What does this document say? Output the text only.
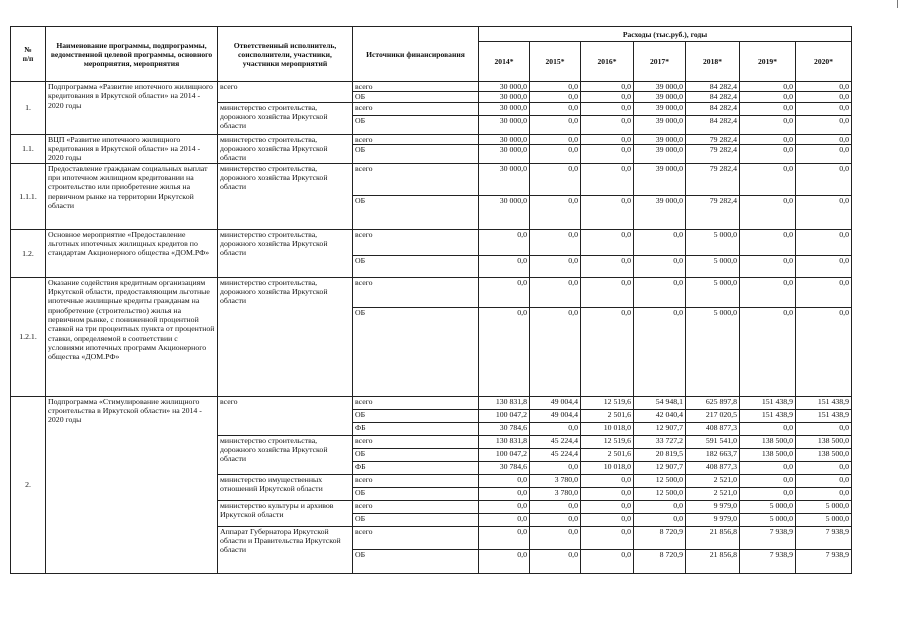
№
п/п	Наименование программы, подпрограммы, ведомственной целевой программы, основного мероприятия, мероприятия	Ответственный исполнитель, соисполнители, участники, участники мероприятий	Источники финансирования	Расходы (тыс.руб.), годы						
				2014*	2015*	2016*	2017*	2018*	2019*	2020*
1.	Подпрограмма «Развитие ипотечного жилищного кредитования в Иркутской области» на 2014 - 2020 годы	всего	всего	30 000,0	0,0	0,0	39 000,0	84 282,4	0,0	0,0
			ОБ	30 000,0	0,0	0,0	39 000,0	84 282,4	0,0	0,0
		министерство строительства, дорожного хозяйства Иркутской области	всего	30 000,0	0,0	0,0	39 000,0	84 282,4	0,0	0,0
			ОБ	30 000,0	0,0	0,0	39 000,0	84 282,4	0,0	0,0
1.1.	ВЦП «Развитие ипотечного жилищного кредитования в Иркутской области» на 2014 - 2020 годы	министерство строительства, дорожного хозяйства Иркутской области	всего	30 000,0	0,0	0,0	39 000,0	79 282,4	0,0	0,0
			ОБ	30 000,0	0,0	0,0	39 000,0	79 282,4	0,0	0,0
1.1.1.	Предоставление гражданам социальных выплат при ипотечном жилищном кредитовании на строительство или приобретение жилья на первичном рынке на территории Иркутской области	министерство строительства, дорожного хозяйства Иркутской области	всего	30 000,0	0,0	0,0	39 000,0	79 282,4	0,0	0,0
			ОБ	30 000,0	0,0	0,0	39 000,0	79 282,4	0,0	0,0
1.2.	Основное мероприятие «Предоставление льготных ипотечных жилищных кредитов по стандартам Акционерного общества «ДОМ.РФ»	министерство строительства, дорожного хозяйства Иркутской области	всего	0,0	0,0	0,0	0,0	5 000,0	0,0	0,0
			ОБ	0,0	0,0	0,0	0,0	5 000,0	0,0	0,0
1.2.1.	Оказание содействия кредитным организациям Иркутской области, предоставляющим льготные ипотечные жилищные кредиты гражданам на приобретение (строительство) жилья на первичном рынке, с пониженной процентной ставкой на три процентных пункта от процентной ставки, определяемой в соответствии с условиями ипотечных программ Акционерного общества «ДОМ.РФ»	министерство строительства, дорожного хозяйства Иркутской области	всего	0,0	0,0	0,0	0,0	5 000,0	0,0	0,0
			ОБ	0,0	0,0	0,0	0,0	5 000,0	0,0	0,0
2.	Подпрограмма «Стимулирование жилищного строительства в Иркутской области» на 2014 - 2020 годы	всего	всего	130 831,8	49 004,4	12 519,6	54 948,1	625 897,8	151 438,9	151 438,9
			ОБ	100 047,2	49 004,4	2 501,6	42 040,4	217 020,5	151 438,9	151 438,9
			ФБ	30 784,6	0,0	10 018,0	12 907,7	408 877,3	0,0	0,0
		министерство строительства, дорожного хозяйства Иркутской области	всего	130 831,8	45 224,4	12 519,6	33 727,2	591 541,0	138 500,0	138 500,0
			ОБ	100 047,2	45 224,4	2 501,6	20 819,5	182 663,7	138 500,0	138 500,0
			ФБ	30 784,6	0,0	10 018,0	12 907,7	408 877,3	0,0	0,0
		министерство имущественных отношений Иркутской области	всего	0,0	3 780,0	0,0	12 500,0	2 521,0	0,0	0,0
			ОБ	0,0	3 780,0	0,0	12 500,0	2 521,0	0,0	0,0
		министерство культуры и архивов Иркутской области	всего	0,0	0,0	0,0	0,0	9 979,0	5 000,0	5 000,0
			ОБ	0,0	0,0	0,0	0,0	9 979,0	5 000,0	5 000,0
		Аппарат Губернатора Иркутской области и Правительства Иркутской области	всего	0,0	0,0	0,0	8 720,9	21 856,8	7 938,9	7 938,9
			ОБ	0,0	0,0	0,0	8 720,9	21 856,8	7 938,9	7 938,9
